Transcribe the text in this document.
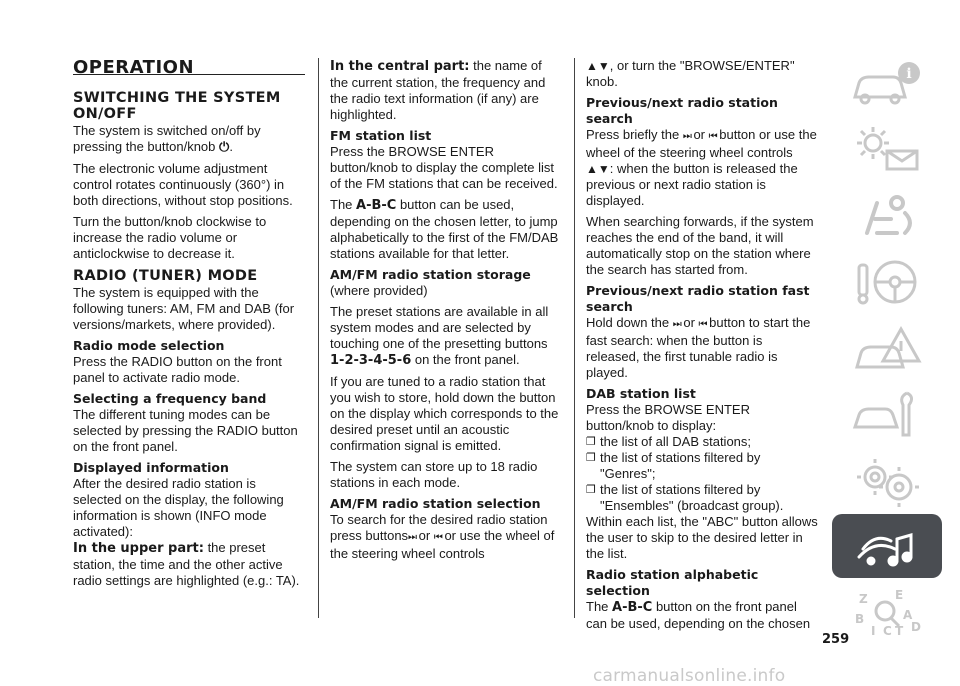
OPERATION
SWITCHING THE SYSTEM ON/OFF

The system is switched on/off by pressing the button/knob ⏻.

The electronic volume adjustment control rotates continuously (360°) in both directions, without stop positions.

Turn the button/knob clockwise to increase the radio volume or anticlockwise to decrease it.

RADIO (TUNER) MODE

The system is equipped with the following tuners: AM, FM and DAB (for versions/markets, where provided).

Radio mode selection

Press the RADIO button on the front panel to activate radio mode.

Selecting a frequency band

The different tuning modes can be selected by pressing the RADIO button on the front panel.

Displayed information

After the desired radio station is selected on the display, the following information is shown (INFO mode activated):

In the upper part: the preset station, the time and the other active radio settings are highlighted (e.g.: TA).

In the central part: the name of the current station, the frequency and the radio text information (if any) are highlighted.

FM station list

Press the BROWSE ENTER button/knob to display the complete list of the FM stations that can be received.

The A-B-C button can be used, depending on the chosen letter, to jump alphabetically to the first of the FM/DAB stations available for that letter.

AM/FM radio station storage

(where provided)

The preset stations are available in all system modes and are selected by touching one of the presetting buttons 1-2-3-4-5-6 on the front panel.

If you are tuned to a radio station that you wish to store, hold down the button on the display which corresponds to the desired preset until an acoustic confirmation signal is emitted.

The system can store up to 18 radio stations in each mode.

AM/FM radio station selection

To search for the desired radio station press buttons⏭ or ⏮ or use the wheel of the steering wheel controls

▲▼, or turn the "BROWSE/ENTER" knob.

Previous/next radio station search

Press briefly the ⏭ or ⏮ button or use the wheel of the steering wheel controls ▲▼: when the button is released the previous or next radio station is displayed.

When searching forwards, if the system reaches the end of the band, it will automatically stop on the station where the search has started from.

Previous/next radio station fast search

Hold down the ⏭ or ⏮ button to start the fast search: when the button is released, the first tunable radio is played.

DAB station list

Press the BROWSE ENTER button/knob to display:

❐ the list of all DAB stations;
❐ the list of stations filtered by "Genres";
❐ the list of stations filtered by "Ensembles" (broadcast group).

Within each list, the "ABC" button allows the user to skip to the desired letter in the list.

Radio station alphabetic selection

The A-B-C button on the front panel can be used, depending on the chosen

259
i
Z E
B	A
I C T D
carmanualsonline.info
